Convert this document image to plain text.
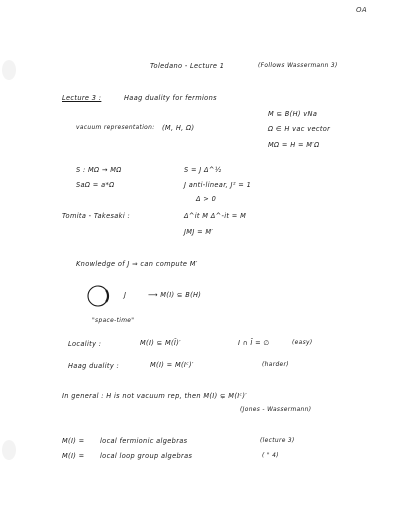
OA
Toledano - Lecture 1	(Follows Wassermann 3)
Lecture 3 :	Haag duality for fermions
vacuum representation: (M, H, Ω)
M ⊆ B(H) vNa
Ω ∈ H vac vector
MΩ = H = M′Ω
S : MΩ → MΩ	S = J Δ^½
SaΩ = a*Ω	J anti-linear, J² = 1
Δ > 0
Tomita - Takesaki :	Δ^it M Δ^-it = M
JMJ = M′
Knowledge of J ⇒ can compute M′
J	⟶ M(I) ⊆ B(H)
"space-time"
Locality :	M(I) ⊆ M(Ī)′	I ∩ Ī = ∅	(easy)
Haag duality :	M(I) = M(Iᶜ)′	(harder)
In general : H is not vacuum rep, then M(I) ⊊ M(Iᶜ)′
(Jones - Wassermann)
M(I) = local fermionic algebras	(lecture 3)
M(I) = local loop group algebras	( " 4)
